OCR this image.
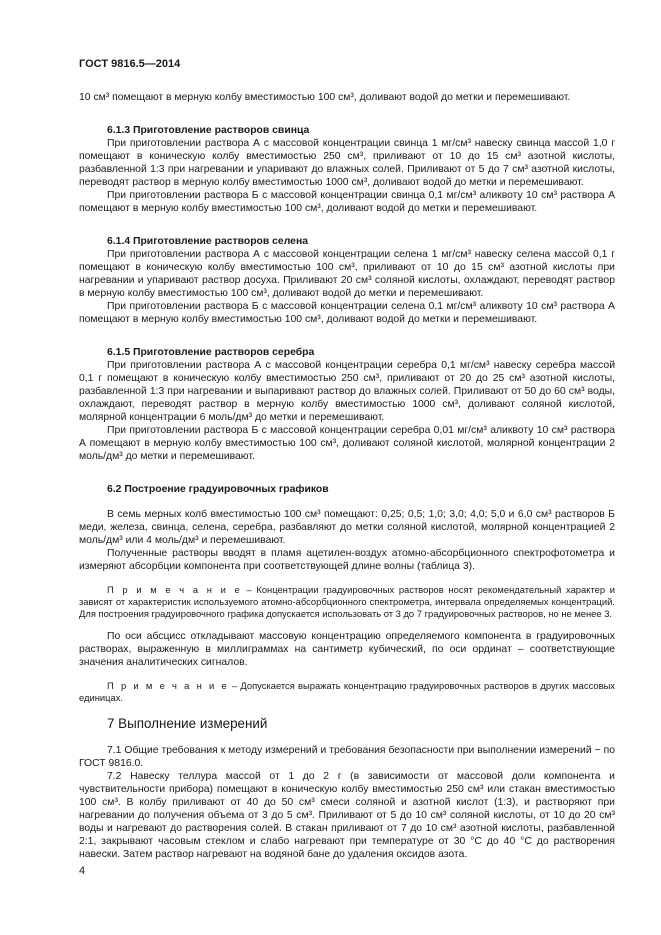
ГОСТ 9816.5—2014

10 см³ помещают в мерную колбу вместимостью 100 см³, доливают водой до метки и перемешивают.

6.1.3 Приготовление растворов свинца

При приготовлении раствора А с массовой концентрации свинца 1 мг/см³ навеску свинца массой 1,0 г помещают в коническую колбу вместимостью 250 см³, приливают от 10 до 15 см³ азотной кислоты, разбавленной 1:3 при нагревании и упаривают до влажных солей. Приливают от 5 до 7 см³ азотной кислоты, переводят раствор в мерную колбу вместимостью 1000 см³, доливают водой до метки и перемешивают.

При приготовлении раствора Б с массовой концентрации свинца 0,1 мг/см³ аликвоту 10 см³ раствора А помещают в мерную колбу вместимостью 100 см³, доливают водой до метки и перемешивают.

6.1.4 Приготовление растворов селена

При приготовлении раствора А с массовой концентрации селена 1 мг/см³ навеску селена массой 0,1 г помещают в коническую колбу вместимостью 100 см³, приливают от 10 до 15 см³ азотной кислоты при нагревании и упаривают раствор досуха. Приливают 20 см³ соляной кислоты, охлаждают, переводят раствор в мерную колбу вместимостью 100 см³, доливают водой до метки и перемешивают.

При приготовлении раствора Б с массовой концентрации селена 0,1 мг/см³ аликвоту 10 см³ раствора А помещают в мерную колбу вместимостью 100 см³, доливают водой до метки и перемешивают.

6.1.5 Приготовление растворов серебра

При приготовлении раствора А с массовой концентрации серебра 0,1 мг/см³ навеску серебра массой 0,1 г помещают в коническую колбу вместимостью 250 см³, приливают от 20 до 25 см³ азотной кислоты, разбавленной 1:3 при нагревании и выпаривают раствор до влажных солей. Приливают от 50 до 60 см³ воды, охлаждают, переводят раствор в мерную колбу вместимостью 1000 см³, доливают соляной кислотой, молярной концентрации 6 моль/дм³ до метки и перемешивают.

При приготовлении раствора Б с массовой концентрации серебра 0,01 мг/см³ аликвоту 10 см³ раствора А помещают в мерную колбу вместимостью 100 см³, доливают соляной кислотой, молярной концентрации 2 моль/дм³ до метки и перемешивают.

6.2 Построение градуировочных графиков

В семь мерных колб вместимостью 100 см³ помещают: 0,25; 0,5; 1,0; 3,0; 4,0; 5,0 и 6,0 см³ растворов Б меди, железа, свинца, селена, серебра, разбавляют до метки соляной кислотой, молярной концентрацией 2 моль/дм³ или 4 моль/дм³ и перемешивают.

Полученные растворы вводят в пламя ацетилен-воздух атомно-абсорбционного спектрофотометра и измеряют абсорбции компонента при соответствующей длине волны (таблица 3).

П р и м е ч а н и е – Концентрации градуировочных растворов носят рекомендательный характер и зависят от характеристик используемого атомно-абсорбционного спектрометра, интервала определяемых концентраций. Для построения градуировочного графика допускается использовать от 3 до 7 градуировочных растворов, но не менее 3.

По оси абсцисс откладывают массовую концентрацию определяемого компонента в градуировочных растворах, выраженную в миллиграммах на сантиметр кубический, по оси ординат – соответствующие значения аналитических сигналов.

П р и м е ч а н и е – Допускается выражать концентрацию градуировочных растворов в других массовых единицах.

7 Выполнение измерений

7.1 Общие требования к методу измерений и требования безопасности при выполнении измерений − по ГОСТ 9816.0.

7.2 Навеску теллура массой от 1 до 2 г (в зависимости от массовой доли компонента и чувствительности прибора) помещают в коническую колбу вместимостью 250 см³ или стакан вместимостью 100 см³. В колбу приливают от 40 до 50 см³ смеси соляной и азотной кислот (1:3), и растворяют при нагревании до получения объема от 3 до 5 см³. Приливают от 5 до 10 см³ соляной кислоты, от 10 до 20 см³ воды и нагревают до растворения солей. В стакан приливают от 7 до 10 см³ азотной кислоты, разбавленной 2:1, закрывают часовым стеклом и слабо нагревают при температуре от 30 °С до 40 °С до растворения навески. Затем раствор нагревают на водяной бане до удаления оксидов азота.

4
